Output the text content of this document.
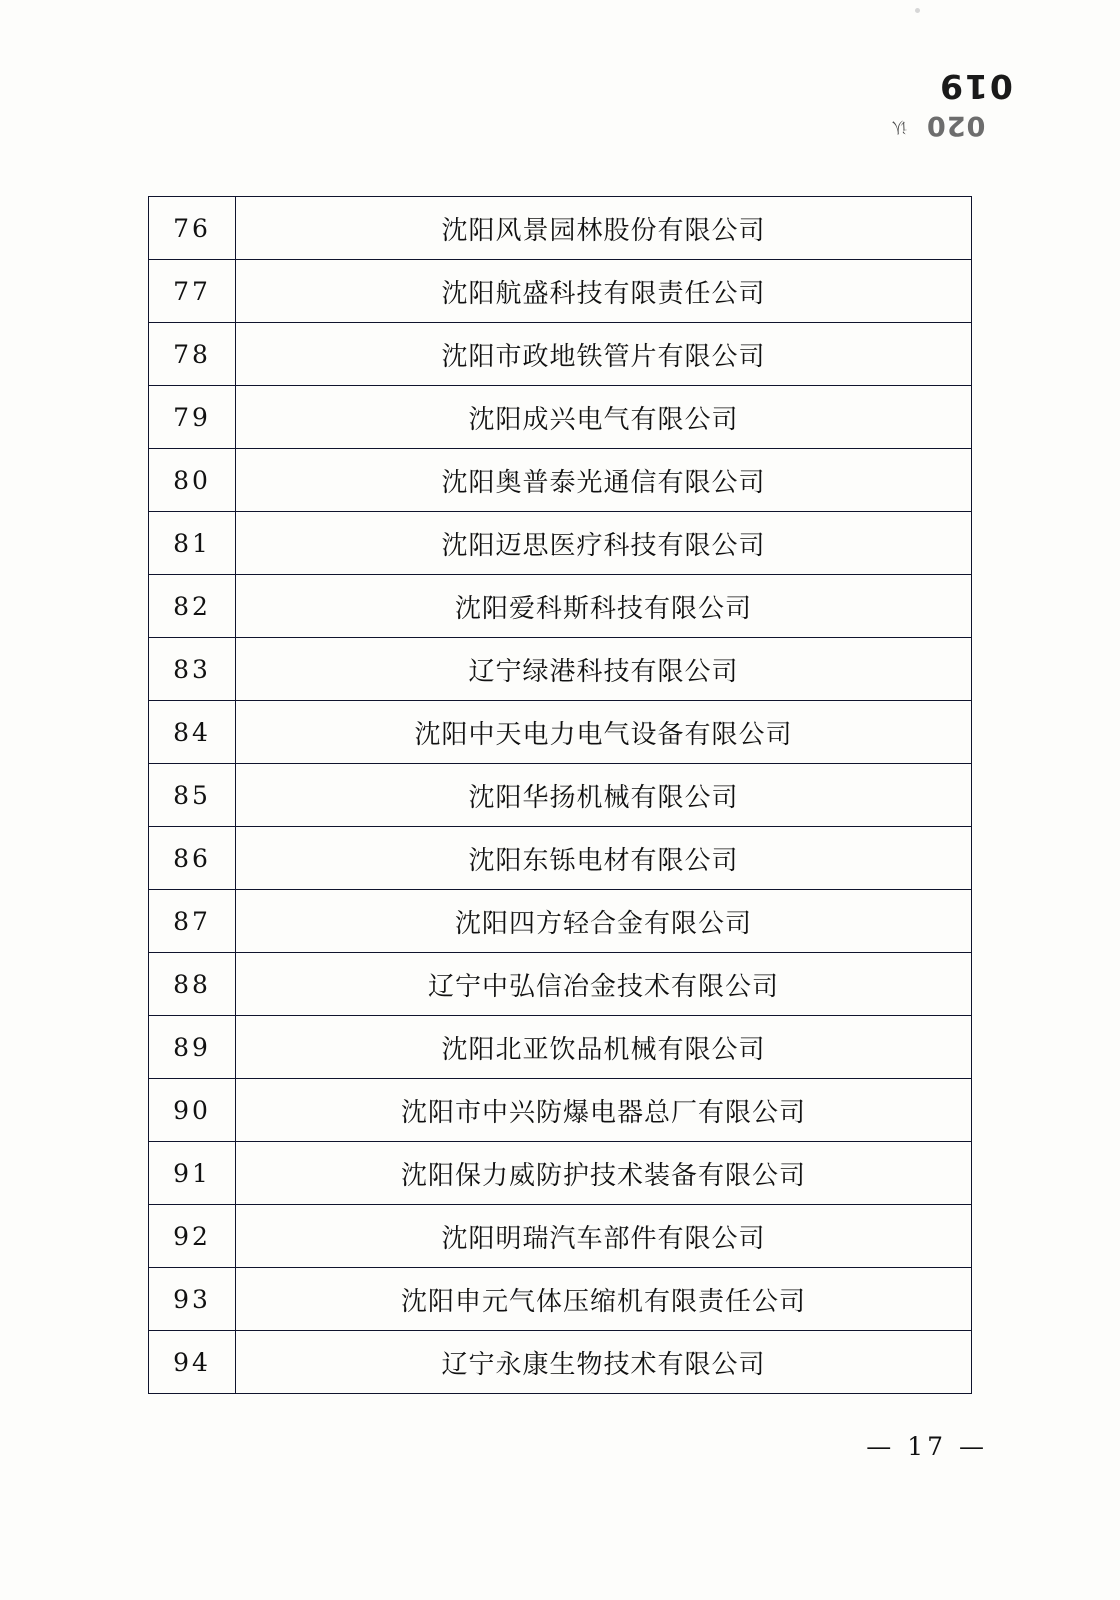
019
020
认
76	沈阳风景园林股份有限公司
77	沈阳航盛科技有限责任公司
78	沈阳市政地铁管片有限公司
79	沈阳成兴电气有限公司
80	沈阳奥普泰光通信有限公司
81	沈阳迈思医疗科技有限公司
82	沈阳爱科斯科技有限公司
83	辽宁绿港科技有限公司
84	沈阳中天电力电气设备有限公司
85	沈阳华扬机械有限公司
86	沈阳东铄电材有限公司
87	沈阳四方轻合金有限公司
88	辽宁中弘信冶金技术有限公司
89	沈阳北亚饮品机械有限公司
90	沈阳市中兴防爆电器总厂有限公司
91	沈阳保力威防护技术装备有限公司
92	沈阳明瑞汽车部件有限公司
93	沈阳申元气体压缩机有限责任公司
94	辽宁永康生物技术有限公司
— 17 —
